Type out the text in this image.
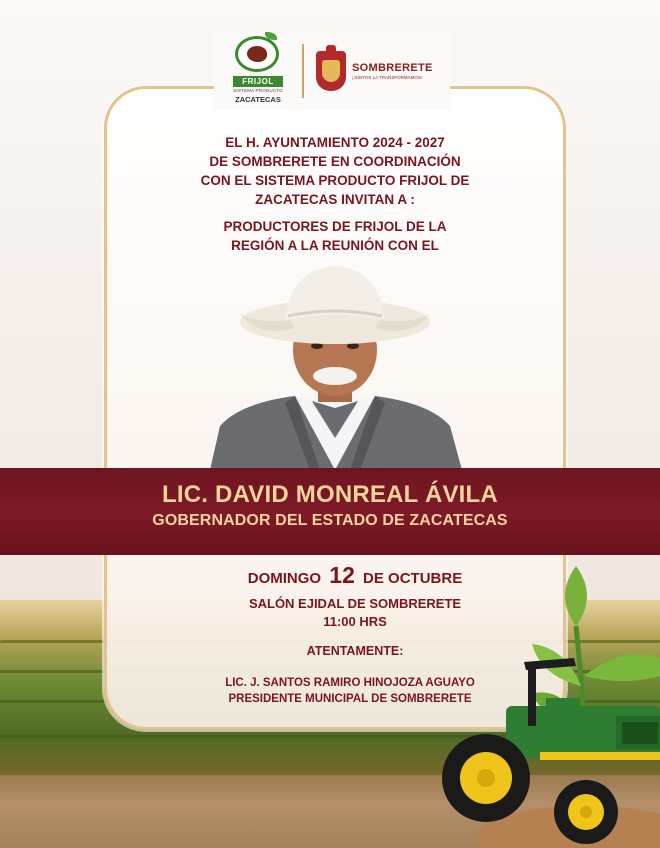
FRIJOL
SISTEMA PRODUCTO
ZACATECAS
SOMBRERETE
¡JUNTOS LA TRANSFORMAMOS!
EL H. AYUNTAMIENTO 2024 - 2027
DE SOMBRERETE EN COORDINACIÓN
CON EL SISTEMA PRODUCTO FRIJOL DE
ZACATECAS INVITAN A :
PRODUCTORES DE FRIJOL DE LA
REGIÓN A LA REUNIÓN CON EL
LIC. DAVID MONREAL ÁVILA
GOBERNADOR DEL ESTADO DE ZACATECAS
DOMINGO 12 DE OCTUBRE
SALÓN EJIDAL DE SOMBRERETE
11:00 HRS
ATENTAMENTE:
LIC. J. SANTOS RAMIRO HINOJOZA AGUAYO
PRESIDENTE MUNICIPAL DE SOMBRERETE
